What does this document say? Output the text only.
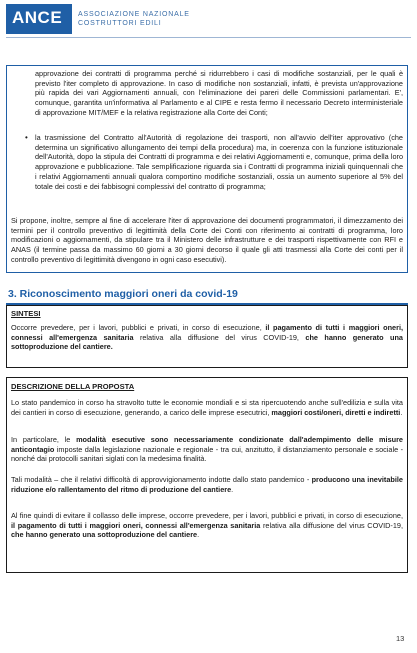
ANCE ASSOCIAZIONE NAZIONALE
COSTRUTTORI EDILI

approvazione dei contratti di programma perché si ridurrebbero i casi di modifiche sostanziali, per le quali è previsto l'iter completo di approvazione. In caso di modifiche non sostanziali, infatti, è prevista un'approvazione più rapida dei vari Aggiornamenti annuali, con l'eliminazione dei pareri delle Commissioni parlamentari. E', comunque, garantita un'informativa al Parlamento e al CIPE e resta fermo il necessario Decreto interministeriale di approvazione MIT/MEF e la relativa registrazione alla Corte dei Conti;

• la trasmissione del Contratto all'Autorità di regolazione dei trasporti, non all'avvio dell'iter approvativo (che determina un significativo allungamento dei tempi della procedura) ma, in coerenza con la funzione istituzionale dell'Autorità, dopo la stipula dei Contratti di programma e dei relativi Aggiornamenti e, comunque, prima della loro approvazione e pubblicazione. Tale semplificazione riguarda sia i Contratti di programma iniziali quinquennali che i relativi Aggiornamenti annuali qualora comportino modifiche sostanziali, ossia un aumento superiore al 5% del totale dei costi e dei fabbisogni complessivi del contratto di programma;

Si propone, inoltre, sempre al fine di accelerare l'iter di approvazione dei documenti programmatori, il dimezzamento dei termini per il controllo preventivo di legittimità della Corte dei Conti con riferimento ai contratti di programma, loro modificazioni o aggiornamenti, da stipulare tra il Ministero delle infrastrutture e dei trasporti rispettivamente con RFI e ANAS (il termine passa da massimo 60 giorni a 30 giorni decorso il quale gli atti trasmessi alla Corte dei conti per il controllo preventivo di legittimità divengono in ogni caso esecutivi).

3. Riconoscimento maggiori oneri da covid-19
SINTESI

Occorre prevedere, per i lavori, pubblici e privati, in corso di esecuzione, il pagamento di tutti i maggiori oneri, connessi all'emergenza sanitaria relativa alla diffusione del virus COVID-19, che hanno generato una sottoproduzione del cantiere.

DESCRIZIONE DELLA PROPOSTA

Lo stato pandemico in corso ha stravolto tutte le economie mondiali e si sta ripercuotendo anche sull'edilizia e sulla vita dei cantieri in corso di esecuzione, generando, a carico delle imprese esecutrici, maggiori costi/oneri, diretti e indiretti.

In particolare, le modalità esecutive sono necessariamente condizionate dall'adempimento delle misure anticontagio imposte dalla legislazione nazionale e regionale - tra cui, anzitutto, il distanziamento personale e sociale - nonché dai protocolli sanitari siglati con la medesima finalità.

Tali modalità – che il relativi difficoltà di approvvigionamento indotte dallo stato pandemico - producono una inevitabile riduzione e/o rallentamento del ritmo di produzione del cantiere.

Al fine quindi di evitare il collasso delle imprese, occorre prevedere, per i lavori, pubblici e privati, in corso di esecuzione, il pagamento di tutti i maggiori oneri, connessi all'emergenza sanitaria relativa alla diffusione del virus COVID-19, che hanno generato una sottoproduzione del cantiere.

13
